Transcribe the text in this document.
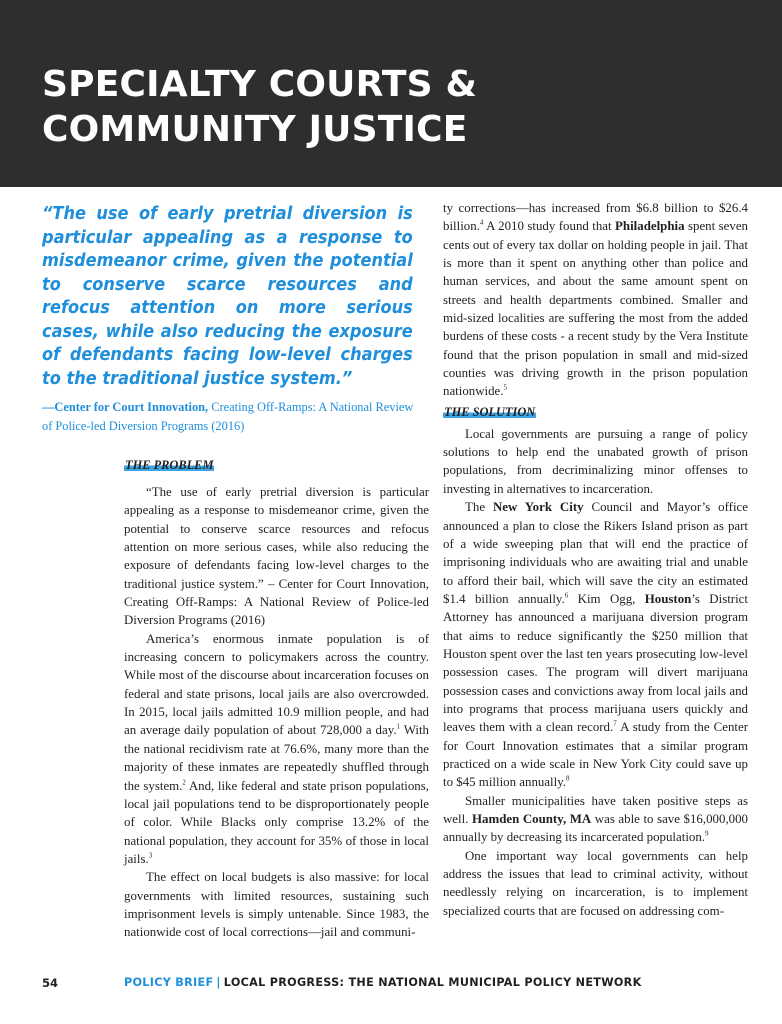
SPECIALTY COURTS &
COMMUNITY JUSTICE

“The use of early pretrial diversion is particular appealing as a response to misdemeanor crime, given the potential to conserve scarce resources and refocus attention on more serious cases, while also reducing the exposure of defendants facing low-level charges to the traditional justice system.”

—Center for Court Innovation, Creating Off-Ramps: A National Review of Police-led Diversion Programs (2016)

THE PROBLEM

“The use of early pretrial diversion is particular appealing as a response to misdemeanor crime, given the potential to conserve scarce resources and refocus attention on more serious cases, while also reducing the exposure of defendants facing low-level charges to the traditional justice system.” – Center for Court Innovation, Creating Off-Ramps: A National Review of Police-led Diversion Programs (2016)

America’s enormous inmate population is of increasing concern to policymakers across the country. While most of the discourse about incarceration focuses on federal and state prisons, local jails are also overcrowded. In 2015, local jails admitted 10.9 million people, and had an average daily population of about 728,000 a day.$^1$ With the national recidivism rate at 76.6%, many more than the majority of these inmates are repeatedly shuffled through the system.$^2$ And, like federal and state prison populations, local jail populations tend to be disproportionately people of color. While Blacks only comprise 13.2% of the national population, they account for 35% of those in local jails.$^3$

The effect on local budgets is also massive: for local governments with limited resources, sustaining such imprisonment levels is simply untenable. Since 1983, the nationwide cost of local corrections—jail and communi-

ty corrections—has increased from $6.8 billion to $26.4 billion.$^4$ A 2010 study found that Philadelphia spent seven cents out of every tax dollar on holding people in jail. That is more than it spent on anything other than police and human services, and about the same amount spent on streets and health departments combined. Smaller and mid-sized localities are suffering the most from the added burdens of these costs - a recent study by the Vera Institute found that the prison population in small and mid-sized counties was driving growth in the prison population nationwide.$^5$

THE SOLUTION

Local governments are pursuing a range of policy solutions to help end the unabated growth of prison populations, from decriminalizing minor offenses to investing in alternatives to incarceration.

The New York City Council and Mayor’s office announced a plan to close the Rikers Island prison as part of a wide sweeping plan that will end the practice of imprisoning individuals who are awaiting trial and unable to afford their bail, which will save the city an estimated $1.4 billion annually.$^6$ Kim Ogg, Houston’s District Attorney has announced a marijuana diversion program that aims to reduce significantly the $250 million that Houston spent over the last ten years prosecuting low-level possession cases. The program will divert marijuana possession cases and convictions away from local jails and into programs that process marijuana users quickly and leaves them with a clean record.$^7$ A study from the Center for Court Innovation estimates that a similar program practiced on a wide scale in New York City could save up to $45 million annually.$^8$

Smaller municipalities have taken positive steps as well. Hamden County, MA was able to save $16,000,000 annually by decreasing its incarcerated population.$^9$

One important way local governments can help address the issues that lead to criminal activity, without needlessly relying on incarceration, is to implement specialized courts that are focused on addressing com-

54	POLICY BRIEF | LOCAL PROGRESS: THE NATIONAL MUNICIPAL POLICY NETWORK
